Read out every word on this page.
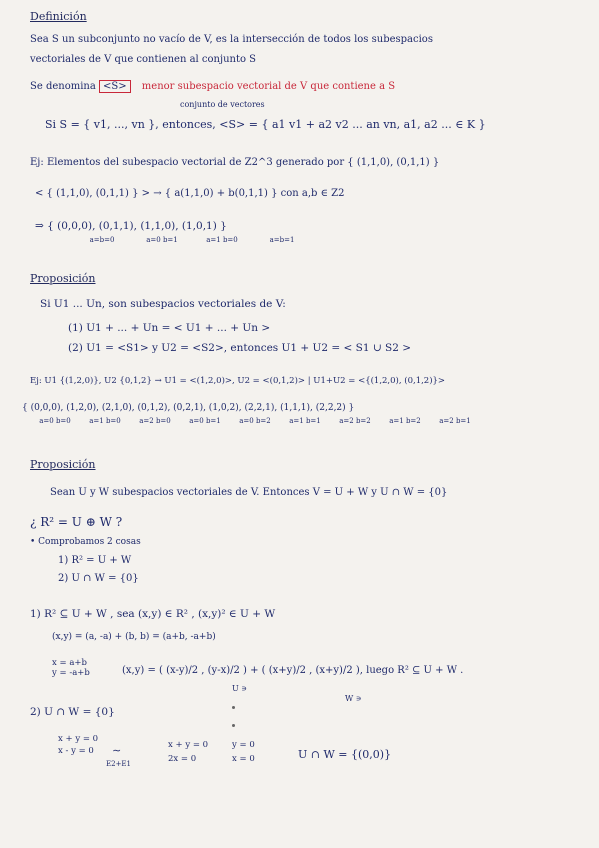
Definición
Sea S un subconjunto no vacío de V, es la intersección de todos los subespacios
vectoriales de V que contienen al conjunto S
Se denomina <S> menor subespacio vectorial de V que contiene a S
conjunto de vectores
Si S = { v1, ..., vn }, entonces, <S> = { a1 v1 + a2 v2 ... an vn, a1, a2 ... ∈ K }
Ej: Elementos del subespacio vectorial de Z2^3 generado por { (1,1,0), (0,1,1) }
< { (1,1,0), (0,1,1) } > → { a(1,1,0) + b(0,1,1) } con a,b ∈ Z2
⇒ { (0,0,0), (0,1,1), (1,1,0), (1,0,1) }
a=b=0	a=0 b=1	a=1 b=0	a=b=1
Proposición
Si U1 ... Un, son subespacios vectoriales de V:
(1) U1 + ... + Un = < U1 + ... + Un >
(2) U1 = <S1> y U2 = <S2>, entonces U1 + U2 = < S1 ∪ S2 >
Ej: U1 {(1,2,0)}, U2 {0,1,2} → U1 = <(1,2,0)>, U2 = <(0,1,2)> | U1+U2 = <{(1,2,0), (0,1,2)}>
{ (0,0,0), (1,2,0), (2,1,0), (0,1,2), (0,2,1), (1,0,2), (2,2,1), (1,1,1), (2,2,2) }
a=0 b=0	a=1 b=0	a=2 b=0	a=0 b=1	a=0 b=2	a=1 b=1	a=2 b=2	a=1 b=2	a=2 b=1
Proposición
Sean U y W subespacios vectoriales de V. Entonces V = U + W y U ∩ W = {0}
¿ R² = U ⊕ W ?
• Comprobamos 2 cosas
1) R² = U + W
2) U ∩ W = {0}
1) R² ⊆ U + W , sea (x,y) ∈ R² , (x,y)² ∈ U + W
(x,y) = (a, -a) + (b, b) = (a+b, -a+b)
x = a+b
y = -a+b	(x,y) = ( (x-y)/2 , (y-x)/2 ) + ( (x+y)/2 , (x+y)/2 ), luego R² ⊆ U + W .
U ∍
W ∍
2) U ∩ W = {0}
x + y = 0
x - y = 0	∼
E2+E1
x + y = 0
2x = 0
y = 0
x = 0	U ∩ W = {(0,0)}
